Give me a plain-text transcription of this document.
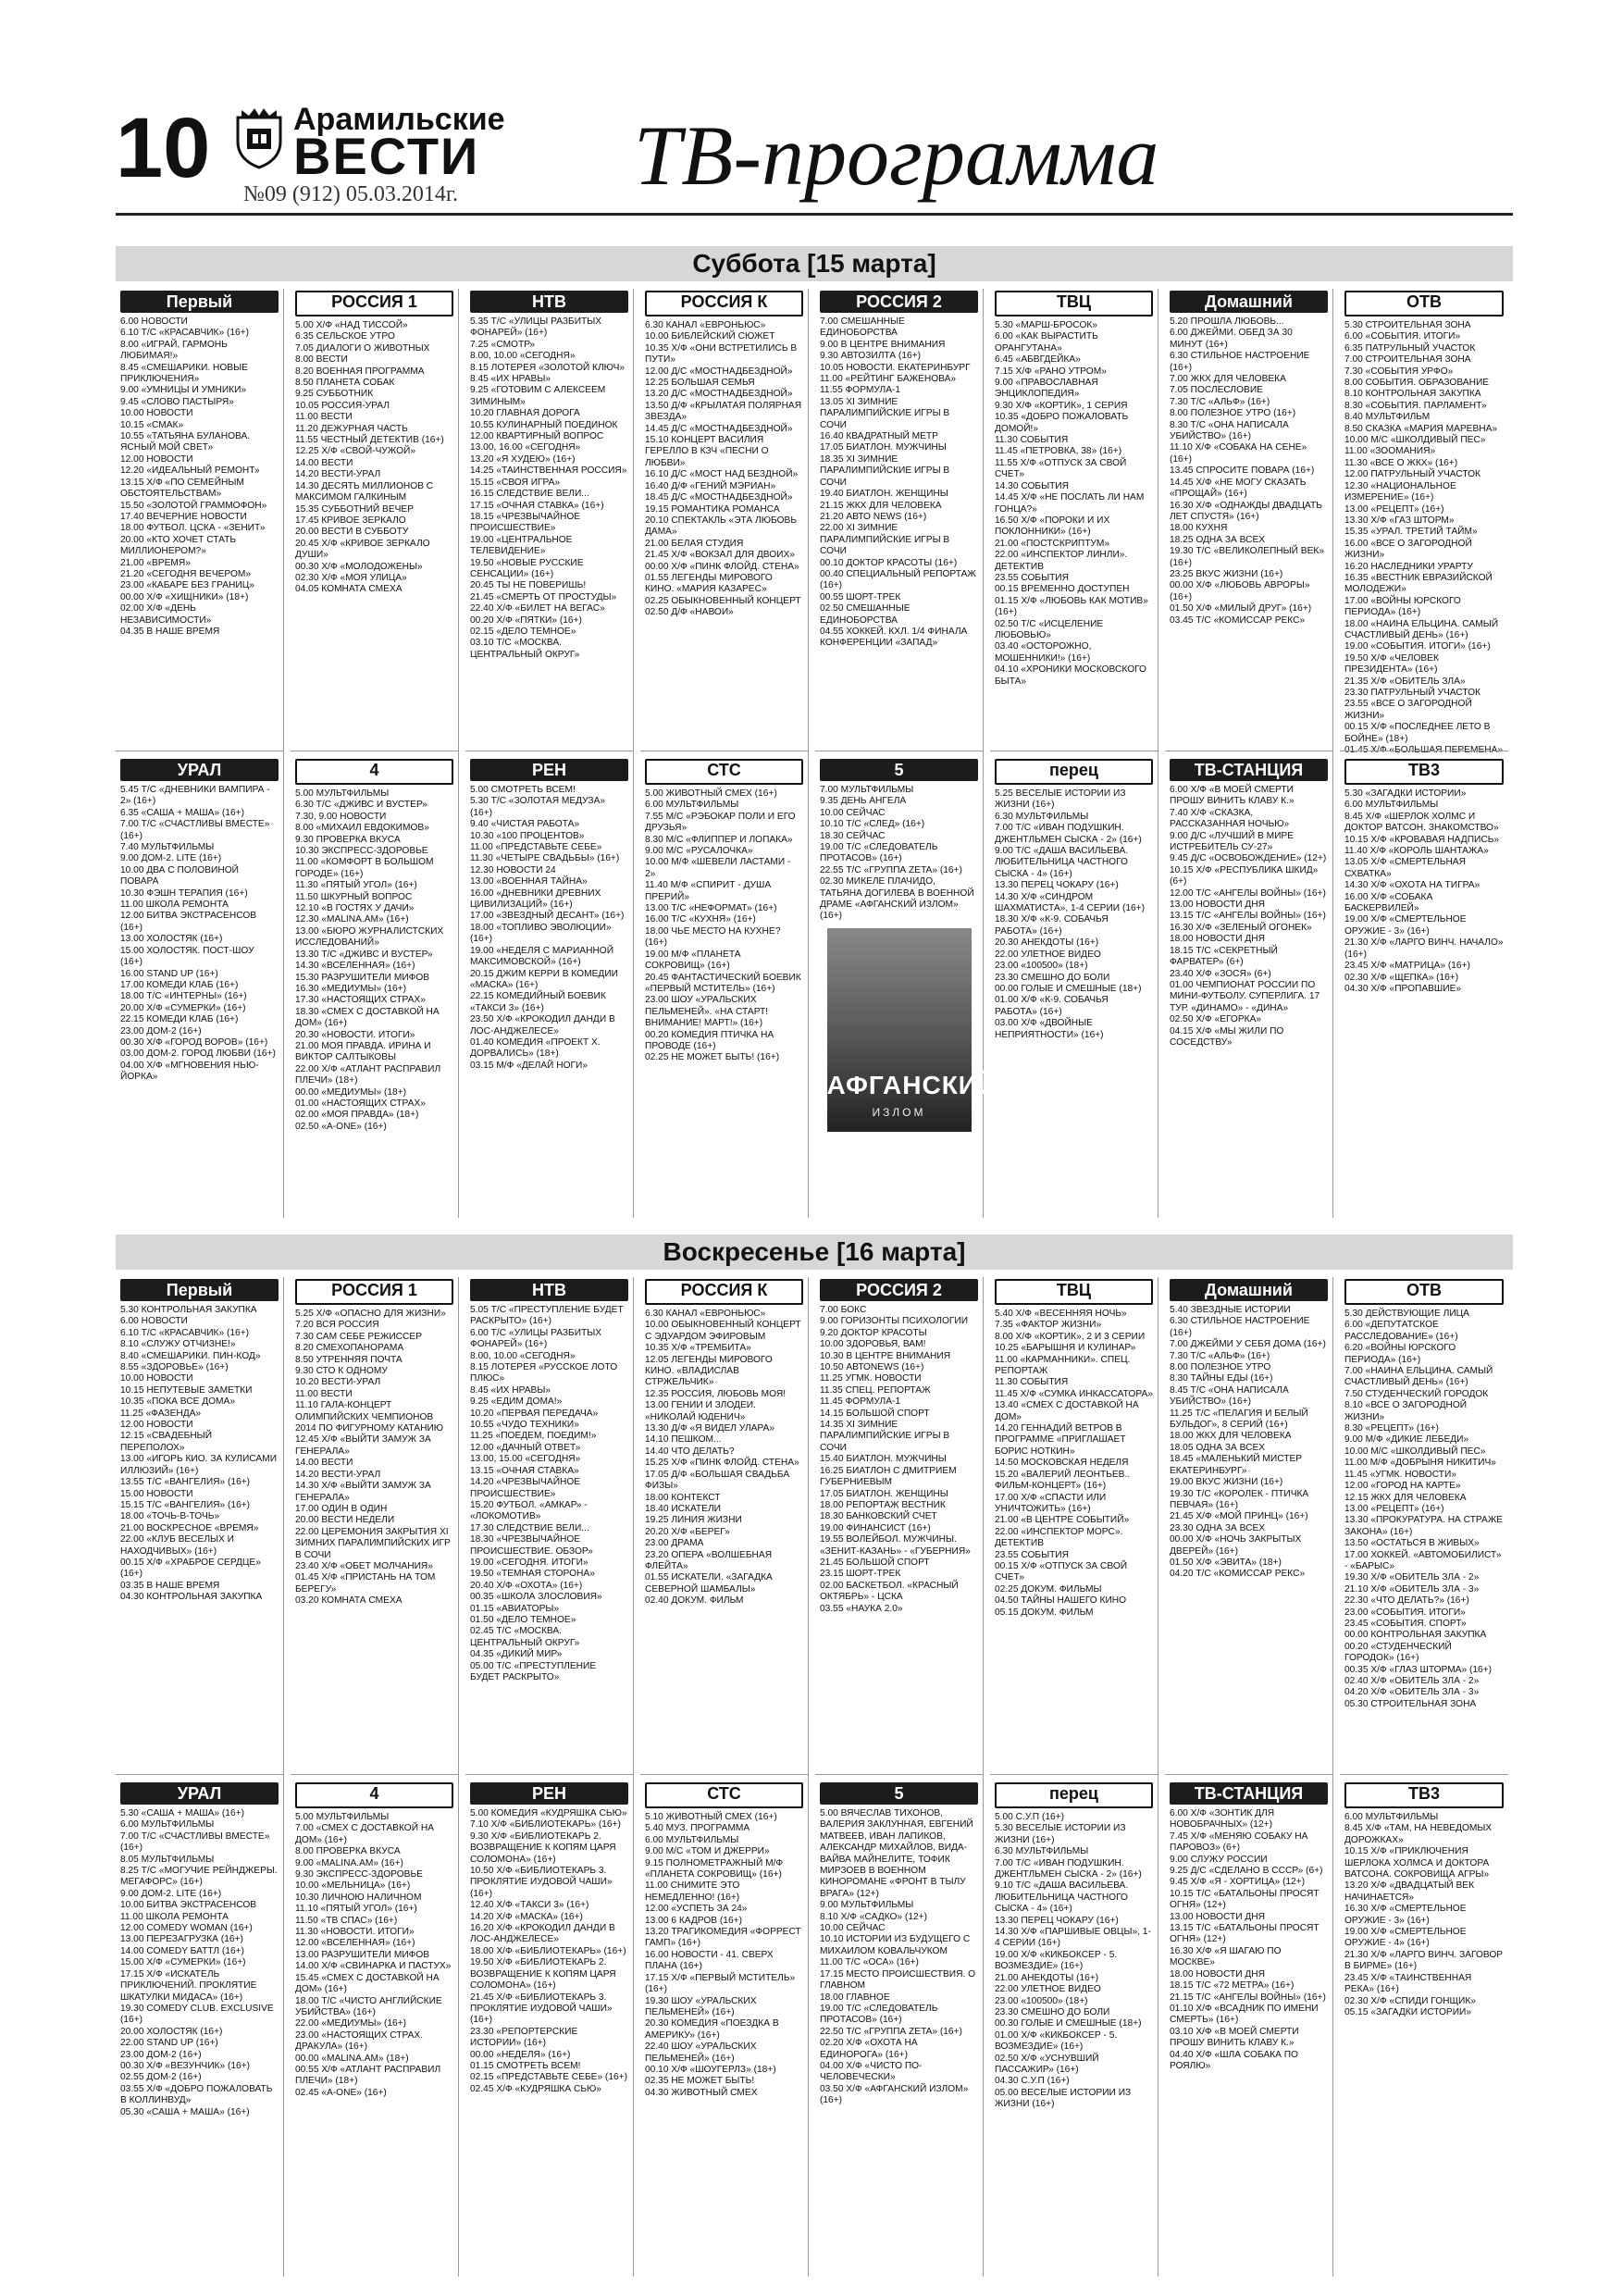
10	Арамильские
ВЕСТИ
№09 (912) 05.03.2014г. ТВ-программа
Суббота [15 марта]
Первый
6.00 НОВОСТИ
6.10 Т/С «КРАСАВЧИК» (16+)
8.00 «ИГРАЙ, ГАРМОНЬ ЛЮБИМАЯ!»
8.45 «СМЕШАРИКИ. НОВЫЕ ПРИКЛЮЧЕНИЯ»
9.00 «УМНИЦЫ И УМНИКИ»
9.45 «СЛОВО ПАСТЫРЯ»
10.00 НОВОСТИ
10.15 «СМАК»
10.55 «ТАТЬЯНА БУЛАНОВА. ЯСНЫЙ МОЙ СВЕТ»
12.00 НОВОСТИ
12.20 «ИДЕАЛЬНЫЙ РЕМОНТ»
13.15 Х/Ф «ПО СЕМЕЙНЫМ ОБСТОЯТЕЛЬСТВАМ»
15.50 «ЗОЛОТОЙ ГРАММОФОН»
17.40 ВЕЧЕРНИЕ НОВОСТИ
18.00 ФУТБОЛ. ЦСКА - «ЗЕНИТ»
20.00 «КТО ХОЧЕТ СТАТЬ МИЛЛИОНЕРОМ?»
21.00 «ВРЕМЯ»
21.20 «СЕГОДНЯ ВЕЧЕРОМ»
23.00 «КАБАРЕ БЕЗ ГРАНИЦ»
00.00 Х/Ф «ХИЩНИКИ» (18+)
02.00 Х/Ф «ДЕНЬ НЕЗАВИСИМОСТИ»
04.35 В НАШЕ ВРЕМЯ
УРАЛ
5.45 Т/С «ДНЕВНИКИ ВАМПИРА - 2» (16+)
6.35 «САША + МАША» (16+)
7.00 Т/С «СЧАСТЛИВЫ ВМЕСТЕ» (16+)
7.40 МУЛЬТФИЛЬМЫ
9.00 ДОМ-2. LITE (16+)
10.00 ДВА С ПОЛОВИНОЙ ПОВАРА
10.30 ФЭШН ТЕРАПИЯ (16+)
11.00 ШКОЛА РЕМОНТА
12.00 БИТВА ЭКСТРАСЕНСОВ (16+)
13.00 ХОЛОСТЯК (16+)
15.00 ХОЛОСТЯК. ПОСТ-ШОУ (16+)
16.00 STAND UP (16+)
17.00 КОМЕДИ КЛАБ (16+)
18.00 Т/С «ИНТЕРНЫ» (16+)
20.00 Х/Ф «СУМЕРКИ» (16+)
22.15 КОМЕДИ КЛАБ (16+)
23.00 ДОМ-2 (16+)
00.30 Х/Ф «ГОРОД ВОРОВ» (16+)
03.00 ДОМ-2. ГОРОД ЛЮБВИ (16+)
04.00 Х/Ф «МГНОВЕНИЯ НЬЮ-ЙОРКА»
РОССИЯ 1
5.00 Х/Ф «НАД ТИССОЙ»
6.35 СЕЛЬСКОЕ УТРО
7.05 ДИАЛОГИ О ЖИВОТНЫХ
8.00 ВЕСТИ
8.20 ВОЕННАЯ ПРОГРАММА
8.50 ПЛАНЕТА СОБАК
9.25 СУББОТНИК
10.05 РОССИЯ-УРАЛ
11.00 ВЕСТИ
11.20 ДЕЖУРНАЯ ЧАСТЬ
11.55 ЧЕСТНЫЙ ДЕТЕКТИВ (16+)
12.25 Х/Ф «СВОЙ-ЧУЖОЙ»
14.00 ВЕСТИ
14.20 ВЕСТИ-УРАЛ
14.30 ДЕСЯТЬ МИЛЛИОНОВ С МАКСИМОМ ГАЛКИНЫМ
15.35 СУББОТНИЙ ВЕЧЕР
17.45 КРИВОЕ ЗЕРКАЛО
20.00 ВЕСТИ В СУББОТУ
20.45 Х/Ф «КРИВОЕ ЗЕРКАЛО ДУШИ»
00.30 Х/Ф «МОЛОДОЖЕНЫ»
02.30 Х/Ф «МОЯ УЛИЦА»
04.05 КОМНАТА СМЕХА
4
5.00 МУЛЬТФИЛЬМЫ
6.30 Т/С «ДЖИВС И ВУСТЕР»
7.30, 9.00 НОВОСТИ
8.00 «МИХАИЛ ЕВДОКИМОВ»
9.30 ПРОВЕРКА ВКУСА
10.30 ЭКСПРЕСС-ЗДОРОВЬЕ
11.00 «КОМФОРТ В БОЛЬШОМ ГОРОДЕ» (16+)
11.30 «ПЯТЫЙ УГОЛ» (16+)
11.50 ШКУРНЫЙ ВОПРОС
12.10 «В ГОСТЯХ У ДАЧИ»
12.30 «MALINA.AM» (16+)
13.00 «БЮРО ЖУРНАЛИСТСКИХ ИССЛЕДОВАНИЙ»
13.30 Т/С «ДЖИВС И ВУСТЕР»
14.30 «ВСЕЛЕННАЯ» (16+)
15.30 РАЗРУШИТЕЛИ МИФОВ
16.30 «МЕДИУМЫ» (16+)
17.30 «НАСТОЯЩИХ СТРАХ»
18.30 «СМЕХ С ДОСТАВКОЙ НА ДОМ» (16+)
20.30 «НОВОСТИ. ИТОГИ»
21.00 МОЯ ПРАВДА. ИРИНА И ВИКТОР САЛТЫКОВЫ
22.00 Х/Ф «АТЛАНТ РАСПРАВИЛ ПЛЕЧИ» (18+)
00.00 «МЕДИУМЫ» (18+)
01.00 «НАСТОЯЩИХ СТРАХ»
02.00 «МОЯ ПРАВДА» (18+)
02.50 «А-ONE» (16+)
НТВ
5.35 Т/С «УЛИЦЫ РАЗБИТЫХ ФОНАРЕЙ» (16+)
7.25 «СМОТР»
8.00, 10.00 «СЕГОДНЯ»
8.15 ЛОТЕРЕЯ «ЗОЛОТОЙ КЛЮЧ»
8.45 «ИХ НРАВЫ»
9.25 «ГОТОВИМ С АЛЕКСЕЕМ ЗИМИНЫМ»
10.20 ГЛАВНАЯ ДОРОГА
10.55 КУЛИНАРНЫЙ ПОЕДИНОК
12.00 КВАРТИРНЫЙ ВОПРОС
13.00, 16.00 «СЕГОДНЯ»
13.20 «Я ХУДЕЮ» (16+)
14.25 «ТАИНСТВЕННАЯ РОССИЯ»
15.15 «СВОЯ ИГРА»
16.15 СЛЕДСТВИЕ ВЕЛИ...
17.15 «ОЧНАЯ СТАВКА» (16+)
18.15 «ЧРЕЗВЫЧАЙНОЕ ПРОИСШЕСТВИЕ»
19.00 «ЦЕНТРАЛЬНОЕ ТЕЛЕВИДЕНИЕ»
19.50 «НОВЫЕ РУССКИЕ СЕНСАЦИИ» (16+)
20.45 ТЫ НЕ ПОВЕРИШЬ!
21.45 «СМЕРТЬ ОТ ПРОСТУДЫ»
22.40 Х/Ф «БИЛЕТ НА ВЕГАС»
00.20 Х/Ф «ПЯТКИ» (16+)
02.15 «ДЕЛО ТЕМНОЕ»
03.10 Т/С «МОСКВА. ЦЕНТРАЛЬНЫЙ ОКРУГ»
РЕН
5.00 СМОТРЕТЬ ВСЕМ!
5.30 Т/С «ЗОЛОТАЯ МЕДУЗА» (16+)
9.40 «ЧИСТАЯ РАБОТА»
10.30 «100 ПРОЦЕНТОВ»
11.00 «ПРЕДСТАВЬТЕ СЕБЕ»
11.30 «ЧЕТЫРЕ СВАДЬБЫ» (16+)
12.30 НОВОСТИ 24
13.00 «ВОЕННАЯ ТАЙНА»
16.00 «ДНЕВНИКИ ДРЕВНИХ ЦИВИЛИЗАЦИЙ» (16+)
17.00 «ЗВЕЗДНЫЙ ДЕСАНТ» (16+)
18.00 «ТОПЛИВО ЭВОЛЮЦИИ» (16+)
19.00 «НЕДЕЛЯ С МАРИАННОЙ МАКСИМОВСКОЙ» (16+)
20.15 ДЖИМ КЕРРИ В КОМЕДИИ «МАСКА» (16+)
22.15 КОМЕДИЙНЫЙ БОЕВИК «ТАКСИ 3» (16+)
23.50 Х/Ф «КРОКОДИЛ ДАНДИ В ЛОС-АНДЖЕЛЕСЕ»
01.40 КОМЕДИЯ «ПРОЕКТ Х. ДОРВАЛИСЬ» (18+)
03.15 М/Ф «ДЕЛАЙ НОГИ»
РОССИЯ К
6.30 КАНАЛ «ЕВРОНЬЮС»
10.00 БИБЛЕЙСКИЙ СЮЖЕТ
10.35 Х/Ф «ОНИ ВСТРЕТИЛИСЬ В ПУТИ»
12.00 Д/С «МОСТНАДБЕЗДНОЙ»
12.25 БОЛЬШАЯ СЕМЬЯ
13.20 Д/С «МОСТНАДБЕЗДНОЙ»
13.50 Д/Ф «КРЫЛАТАЯ ПОЛЯРНАЯ ЗВЕЗДА»
14.45 Д/С «МОСТНАДБЕЗДНОЙ»
15.10 КОНЦЕРТ ВАСИЛИЯ ГЕРЕЛЛО В КЗЧ «ПЕСНИ О ЛЮБВИ»
16.10 Д/С «МОСТ НАД БЕЗДНОЙ»
16.40 Д/Ф «ГЕНИЙ МЭРИАН»
18.45 Д/С «МОСТНАДБЕЗДНОЙ»
19.15 РОМАНТИКА РОМАНСА
20.10 СПЕКТАКЛЬ «ЭТА ЛЮБОВЬ ДАМА»
21.00 БЕЛАЯ СТУДИЯ
21.45 Х/Ф «ВОКЗАЛ ДЛЯ ДВОИХ»
00.00 Х/Ф «ПИНК ФЛОЙД. СТЕНА»
01.55 ЛЕГЕНДЫ МИРОВОГО КИНО. «МАРИЯ КАЗАРЕС»
02.25 ОБЫКНОВЕННЫЙ КОНЦЕРТ
02.50 Д/Ф «НАВОИ»
СТС
5.00 ЖИВОТНЫЙ СМЕХ (16+)
6.00 МУЛЬТФИЛЬМЫ
7.55 М/С «РЭБОКАР ПОЛИ И ЕГО ДРУЗЬЯ»
8.30 М/С «ФЛИППЕР И ЛОПАКА»
9.00 М/С «РУСАЛОЧКА»
10.00 М/Ф «ШЕВЕЛИ ЛАСТАМИ - 2»
11.40 М/Ф «СПИРИТ - ДУША ПРЕРИЙ»
13.00 Т/С «НЕФОРМАТ» (16+)
16.00 Т/С «КУХНЯ» (16+)
18.00 ЧЬЕ МЕСТО НА КУХНЕ? (16+)
19.00 М/Ф «ПЛАНЕТА СОКРОВИЩ» (16+)
20.45 ФАНТАСТИЧЕСКИЙ БОЕВИК «ПЕРВЫЙ МСТИТЕЛЬ» (16+)
23.00 ШОУ «УРАЛЬСКИХ ПЕЛЬМЕНЕЙ». «НА СТАРТ! ВНИМАНИЕ! МАРТ!» (16+)
00.20 КОМЕДИЯ ПТИЧКА НА ПРОВОДЕ (16+)
02.25 НЕ МОЖЕТ БЫТЬ! (16+)
РОССИЯ 2
7.00 СМЕШАННЫЕ ЕДИНОБОРСТВА
9.00 В ЦЕНТРЕ ВНИМАНИЯ
9.30 АВТОЗИЛТА (16+)
10.05 НОВОСТИ. ЕКАТЕРИНБУРГ
11.00 «РЕЙТИНГ БАЖЕНОВА»
11.55 ФОРМУЛА-1
13.05 ХI ЗИМНИЕ ПАРАЛИМПИЙСКИЕ ИГРЫ В СОЧИ
16.40 КВАДРАТНЫЙ МЕТР
17.05 БИАТЛОН. МУЖЧИНЫ
18.35 ХI ЗИМНИЕ ПАРАЛИМПИЙСКИЕ ИГРЫ В СОЧИ
19.40 БИАТЛОН. ЖЕНЩИНЫ
21.15 ЖКХ ДЛЯ ЧЕЛОВЕКА
21.20 АВТО NEWS (16+)
22.00 ХI ЗИМНИЕ ПАРАЛИМПИЙСКИЕ ИГРЫ В СОЧИ
00.10 ДОКТОР КРАСОТЫ (16+)
00.40 СПЕЦИАЛЬНЫЙ РЕПОРТАЖ (16+)
00.55 ШОРТ-ТРЕК
02.50 СМЕШАННЫЕ ЕДИНОБОРСТВА
04.55 ХОККЕЙ. КХЛ. 1/4 ФИНАЛА КОНФЕРЕНЦИИ «ЗАПАД»
5
7.00 МУЛЬТФИЛЬМЫ
9.35 ДЕНЬ АНГЕЛА
10.00 СЕЙЧАС
10.10 Т/С «СЛЕД» (16+)
18.30 СЕЙЧАС
19.00 Т/С «СЛЕДОВАТЕЛЬ ПРОТАСОВ» (16+)
22.55 Т/С «ГРУППА ZETA» (16+)
02.30 МИКЕЛЕ ПЛАЧИДО, ТАТЬЯНА ДОГИЛЕВА В ВОЕННОЙ ДРАМЕ «АФГАНСКИЙ ИЗЛОМ» (16+)
АФГАНСКИЙ
ИЗЛОМ
ТВЦ
5.30 «МАРШ-БРОСОК»
6.00 «КАК ВЫРАСТИТЬ ОРАНГУТАНА»
6.45 «АБВГДЕЙКА»
7.15 Х/Ф «РАНО УТРОМ»
9.00 «ПРАВОСЛАВНАЯ ЭНЦИКЛОПЕДИЯ»
9.30 Х/Ф «КОРТИК», 1 СЕРИЯ
10.35 «ДОБРО ПОЖАЛОВАТЬ ДОМОЙ!»
11.30 СОБЫТИЯ
11.45 «ПЕТРОВКА, 38» (16+)
11.55 Х/Ф «ОТПУСК ЗА СВОЙ СЧЕТ»
14.30 СОБЫТИЯ
14.45 Х/Ф «НЕ ПОСЛАТЬ ЛИ НАМ ГОНЦА?»
16.50 Х/Ф «ПОРОКИ И ИХ ПОКЛОННИКИ» (16+)
21.00 «ПОСТСКРИПТУМ»
22.00 «ИНСПЕКТОР ЛИНЛИ». ДЕТЕКТИВ
23.55 СОБЫТИЯ
00.15 ВРЕМЕННО ДОСТУПЕН
01.15 Х/Ф «ЛЮБОВЬ КАК МОТИВ» (16+)
02.50 Т/С «ИСЦЕЛЕНИЕ ЛЮБОВЬЮ»
03.40 «ОСТОРОЖНО, МОШЕННИКИ!» (16+)
04.10 «ХРОНИКИ МОСКОВСКОГО БЫТА»
перец
5.25 ВЕСЕЛЫЕ ИСТОРИИ ИЗ ЖИЗНИ (16+)
6.30 МУЛЬТФИЛЬМЫ
7.00 Т/С «ИВАН ПОДУШКИН. ДЖЕНТЛЬМЕН СЫСКА - 2» (16+)
9.00 Т/С «ДАША ВАСИЛЬЕВА. ЛЮБИТЕЛЬНИЦА ЧАСТНОГО СЫСКА - 4» (16+)
13.30 ПЕРЕЦ ЧОКАРУ (16+)
14.30 Х/Ф «СИНДРОМ ШАХМАТИСТА», 1-4 СЕРИИ (16+)
18.30 Х/Ф «К-9. СОБАЧЬЯ РАБОТА» (16+)
20.30 АНЕКДОТЫ (16+)
22.00 УЛЕТНОЕ ВИДЕО
23.00 «100500» (18+)
23.30 СМЕШНО ДО БОЛИ
00.00 ГОЛЫЕ И СМЕШНЫЕ (18+)
01.00 Х/Ф «К-9. СОБАЧЬЯ РАБОТА» (16+)
03.00 Х/Ф «ДВОЙНЫЕ НЕПРИЯТНОСТИ» (16+)
Домашний
5.20 ПРОШЛА ЛЮБОВЬ...
6.00 ДЖЕЙМИ. ОБЕД ЗА 30 МИНУТ (16+)
6.30 СТИЛЬНОЕ НАСТРОЕНИЕ (16+)
7.00 ЖКХ ДЛЯ ЧЕЛОВЕКА
7.05 ПОСЛЕСЛОВИЕ
7.30 Т/С «АЛЬФ» (16+)
8.00 ПОЛЕЗНОЕ УТРО (16+)
8.30 Т/С «ОНА НАПИСАЛА УБИЙСТВО» (16+)
11.10 Х/Ф «СОБАКА НА СЕНЕ» (16+)
13.45 СПРОСИТЕ ПОВАРА (16+)
14.45 Х/Ф «НЕ МОГУ СКАЗАТЬ «ПРОЩАЙ» (16+)
16.30 Х/Ф «ОДНАЖДЫ ДВАДЦАТЬ ЛЕТ СПУСТЯ» (16+)
18.00 КУХНЯ
18.25 ОДНА ЗА ВСЕХ
19.30 Т/С «ВЕЛИКОЛЕПНЫЙ ВЕК» (16+)
23.25 ВКУС ЖИЗНИ (16+)
00.00 Х/Ф «ЛЮБОВЬ АВРОРЫ» (16+)
01.50 Х/Ф «МИЛЫЙ ДРУГ» (16+)
03.45 Т/С «КОМИССАР РЕКС»
ТВ-СТАНЦИЯ
6.00 Х/Ф «В МОЕЙ СМЕРТИ ПРОШУ ВИНИТЬ КЛАВУ К.»
7.40 Х/Ф «СКАЗКА, РАССКАЗАННАЯ НОЧЬЮ»
9.00 Д/С «ЛУЧШИЙ В МИРЕ ИСТРЕБИТЕЛЬ СУ-27»
9.45 Д/С «ОСВОБОЖДЕНИЕ» (12+)
10.15 Х/Ф «РЕСПУБЛИКА ШКИД» (6+)
12.00 Т/С «АНГЕЛЫ ВОЙНЫ» (16+)
13.00 НОВОСТИ ДНЯ
13.15 Т/С «АНГЕЛЫ ВОЙНЫ» (16+)
16.30 Х/Ф «ЗЕЛЕНЫЙ ОГОНЕК»
18.00 НОВОСТИ ДНЯ
18.15 Т/С «СЕКРЕТНЫЙ ФАРВАТЕР» (6+)
23.40 Х/Ф «ЗОСЯ» (6+)
01.00 ЧЕМПИОНАТ РОССИИ ПО МИНИ-ФУТБОЛУ. СУПЕРЛИГА. 17 ТУР. «ДИНАМО» - «ДИНА»
02.50 Х/Ф «ЕГОРКА»
04.15 Х/Ф «МЫ ЖИЛИ ПО СОСЕДСТВУ»
ОТВ
5.30 СТРОИТЕЛЬНАЯ ЗОНА
6.00 «СОБЫТИЯ. ИТОГИ»
6.35 ПАТРУЛЬНЫЙ УЧАСТОК
7.00 СТРОИТЕЛЬНАЯ ЗОНА
7.30 «СОБЫТИЯ УРФО»
8.00 СОБЫТИЯ. ОБРАЗОВАНИЕ
8.10 КОНТРОЛЬНАЯ ЗАКУПКА
8.30 «СОБЫТИЯ. ПАРЛАМЕНТ»
8.40 МУЛЬТФИЛЬМ
8.50 СКАЗКА «МАРИЯ МАРЕВНА»
10.00 М/С «ШКОЛДИВЫЙ ПЕС»
11.00 «ЗООМАНИЯ»
11.30 «ВСЕ О ЖКХ» (16+)
12.00 ПАТРУЛЬНЫЙ УЧАСТОК
12.30 «НАЦИОНАЛЬНОЕ ИЗМЕРЕНИЕ» (16+)
13.00 «РЕЦЕПТ» (16+)
13.30 Х/Ф «ГАЗ ШТОРМ»
15.35 «УРАЛ. ТРЕТИЙ ТАЙМ»
16.00 «ВСЕ О ЗАГОРОДНОЙ ЖИЗНИ»
16.20 НАСЛЕДНИКИ УРАРТУ
16.35 «ВЕСТНИК ЕВРАЗИЙСКОЙ МОЛОДЕЖИ»
17.00 «ВОЙНЫ ЮРСКОГО ПЕРИОДА» (16+)
18.00 «НАИНА ЕЛЬЦИНА. САМЫЙ СЧАСТЛИВЫЙ ДЕНЬ» (16+)
19.00 «СОБЫТИЯ. ИТОГИ» (16+)
19.50 Х/Ф «ЧЕЛОВЕК ПРЕЗИДЕНТА» (16+)
21.35 Х/Ф «ОБИТЕЛЬ ЗЛА»
23.30 ПАТРУЛЬНЫЙ УЧАСТОК
23.55 «ВСЕ О ЗАГОРОДНОЙ ЖИЗНИ»
00.15 Х/Ф «ПОСЛЕДНЕЕ ЛЕТО В БОЙНЕ» (18+)
ТВ3
5.30 «ЗАГАДКИ ИСТОРИИ»
6.00 МУЛЬТФИЛЬМЫ
8.45 Х/Ф «ШЕРЛОК ХОЛМС И ДОКТОР ВАТСОН. ЗНАКОМСТВО»
10.15 Х/Ф «КРОВАВАЯ НАДПИСЬ»
11.40 Х/Ф «КОРОЛЬ ШАНТАЖА»
13.05 Х/Ф «СМЕРТЕЛЬНАЯ СХВАТКА»
14.30 Х/Ф «ОХОТА НА ТИГРА»
16.00 Х/Ф «СОБАКА БАСКЕРВИЛЕЙ»
19.00 Х/Ф «СМЕРТЕЛЬНОЕ ОРУЖИЕ - 3» (16+)
21.30 Х/Ф «ЛАРГО ВИНЧ. НАЧАЛО» (16+)
23.45 Х/Ф «МАТРИЦА» (16+)
02.30 Х/Ф «ЩЕПКА» (16+)
04.30 Х/Ф «ПРОПАВШИЕ»
Воскресенье [16 марта]
Первый
5.30 КОНТРОЛЬНАЯ ЗАКУПКА
6.00 НОВОСТИ
6.10 Т/С «КРАСАВЧИК» (16+)
8.10 «СЛУЖУ ОТЧИЗНЕ!»
8.40 «СМЕШАРИКИ. ПИН-КОД»
8.55 «ЗДОРОВЬЕ» (16+)
10.00 НОВОСТИ
10.15 НЕПУТЕВЫЕ ЗАМЕТКИ
10.35 «ПОКА ВСЕ ДОМА»
11.25 «ФАЗЕНДА»
12.00 НОВОСТИ
12.15 «СВАДЕБНЫЙ ПЕРЕПОЛОХ»
13.00 «ИГОРЬ КИО. ЗА КУЛИСАМИ ИЛЛЮЗИЙ» (16+)
13.55 Т/С «ВАНГЕЛИЯ» (16+)
15.00 НОВОСТИ
15.15 Т/С «ВАНГЕЛИЯ» (16+)
18.00 «ТОЧЬ-В-ТОЧЬ»
21.00 ВОСКРЕСНОЕ «ВРЕМЯ»
22.00 «КЛУБ ВЕСЕЛЫХ И НАХОДЧИВЫХ» (16+)
00.15 Х/Ф «ХРАБРОЕ СЕРДЦЕ» (16+)
03.35 В НАШЕ ВРЕМЯ
04.30 КОНТРОЛЬНАЯ ЗАКУПКА
УРАЛ
5.30 «САША + МАША» (16+)
6.00 МУЛЬТФИЛЬМЫ
7.00 Т/С «СЧАСТЛИВЫ ВМЕСТЕ» (16+)
8.05 МУЛЬТФИЛЬМЫ
8.25 Т/С «МОГУЧИЕ РЕЙНДЖЕРЫ. МЕГАФОРС» (16+)
9.00 ДОМ-2. LITE (16+)
10.00 БИТВА ЭКСТРАСЕНСОВ
11.00 ШКОЛА РЕМОНТА
12.00 COMEDY WOMAN (16+)
13.00 ПЕРЕЗАГРУЗКА (16+)
14.00 COMEDY БАТТЛ (16+)
15.00 Х/Ф «СУМЕРКИ» (16+)
17.15 Х/Ф «ИСКАТЕЛЬ ПРИКЛЮЧЕНИЙ. ПРОКЛЯТИЕ ШКАТУЛКИ МИДАСА» (16+)
19.30 COMEDY CLUB. EXCLUSIVE (16+)
20.00 ХОЛОСТЯК (16+)
22.00 STAND UP (16+)
23.00 ДОМ-2 (16+)
00.30 Х/Ф «ВЕЗУНЧИК» (16+)
02.55 ДОМ-2 (16+)
03.55 Х/Ф «ДОБРО ПОЖАЛОВАТЬ В КОЛЛИНВУД»
05.30 «САША + МАША» (16+)
РОССИЯ 1
5.25 Х/Ф «ОПАСНО ДЛЯ ЖИЗНИ»
7.20 ВСЯ РОССИЯ
7.30 САМ СЕБЕ РЕЖИССЕР
8.20 СМЕХОПАНОРАМА
8.50 УТРЕННЯЯ ПОЧТА
9.30 СТО К ОДНОМУ
10.20 ВЕСТИ-УРАЛ
11.00 ВЕСТИ
11.10 ГАЛА-КОНЦЕРТ ОЛИМПИЙСКИХ ЧЕМПИОНОВ 2014 ПО ФИГУРНОМУ КАТАНИЮ
12.45 Х/Ф «ВЫЙТИ ЗАМУЖ ЗА ГЕНЕРАЛА»
14.00 ВЕСТИ
14.20 ВЕСТИ-УРАЛ
14.30 Х/Ф «ВЫЙТИ ЗАМУЖ ЗА ГЕНЕРАЛА»
17.00 ОДИН В ОДИН
20.00 ВЕСТИ НЕДЕЛИ
22.00 ЦЕРЕМОНИЯ ЗАКРЫТИЯ ХI ЗИМНИХ ПАРАЛИМПИЙСКИХ ИГР В СОЧИ
23.40 Х/Ф «ОБЕТ МОЛЧАНИЯ»
01.45 Х/Ф «ПРИСТАНЬ НА ТОМ БЕРЕГУ»
03.20 КОМНАТА СМЕХА
4
5.00 МУЛЬТФИЛЬМЫ
7.00 «СМЕХ С ДОСТАВКОЙ НА ДОМ» (16+)
8.00 ПРОВЕРКА ВКУСА
9.00 «MALINA.AM» (16+)
9.30 ЭКСПРЕСС-ЗДОРОВЬЕ
10.00 «МЕЛЬНИЦА» (16+)
10.30 ЛИЧНОЮ НАЛИЧНОМ
11.10 «ПЯТЫЙ УГОЛ» (16+)
11.50 «ТВ СПАС» (16+)
11.30 «НОВОСТИ. ИТОГИ»
12.00 «ВСЕЛЕННАЯ» (16+)
13.00 РАЗРУШИТЕЛИ МИФОВ
14.00 Х/Ф «СВИНАРКА И ПАСТУХ»
15.45 «СМЕХ С ДОСТАВКОЙ НА ДОМ» (16+)
18.00 Т/С «ЧИСТО АНГЛИЙСКИЕ УБИЙСТВА» (16+)
22.00 «МЕДИУМЫ» (16+)
23.00 «НАСТОЯЩИХ СТРАХ. ДРАКУЛА» (16+)
00.00 «MALINA.AM» (18+)
00.55 Х/Ф «АТЛАНТ РАСПРАВИЛ ПЛЕЧИ» (18+)
02.45 «А-ONE» (16+)
НТВ
5.05 Т/С «ПРЕСТУПЛЕНИЕ БУДЕТ РАСКРЫТО» (16+)
6.00 Т/С «УЛИЦЫ РАЗБИТЫХ ФОНАРЕЙ» (16+)
8.00, 10.00 «СЕГОДНЯ»
8.15 ЛОТЕРЕЯ «РУССКОЕ ЛОТО ПЛЮС»
8.45 «ИХ НРАВЫ»
9.25 «ЕДИМ ДОМА!»
10.20 «ПЕРВАЯ ПЕРЕДАЧА»
10.55 «ЧУДО ТЕХНИКИ»
11.25 «ПОЕДЕМ, ПОЕДИМ!»
12.00 «ДАЧНЫЙ ОТВЕТ»
13.00, 15.00 «СЕГОДНЯ»
13.15 «ОЧНАЯ СТАВКА»
14.20 «ЧРЕЗВЫЧАЙНОЕ ПРОИСШЕСТВИЕ»
15.20 ФУТБОЛ. «АМКАР» - «ЛОКОМОТИВ»
17.30 СЛЕДСТВИЕ ВЕЛИ...
18.30 «ЧРЕЗВЫЧАЙНОЕ ПРОИСШЕСТВИЕ. ОБЗОР»
19.00 «СЕГОДНЯ. ИТОГИ»
19.50 «ТЕМНАЯ СТОРОНА»
20.40 Х/Ф «ОХОТА» (16+)
00.35 «ШКОЛА ЗЛОСЛОВИЯ»
01.15 «АВИАТОРЫ»
01.50 «ДЕЛО ТЕМНОЕ»
02.45 Т/С «МОСКВА. ЦЕНТРАЛЬНЫЙ ОКРУГ»
04.35 «ДИКИЙ МИР»
05.00 Т/С «ПРЕСТУПЛЕНИЕ БУДЕТ РАСКРЫТО»
РЕН
5.00 КОМЕДИЯ «КУДРЯШКА СЬЮ»
7.10 Х/Ф «БИБЛИОТЕКАРЬ» (16+)
9.30 Х/Ф «БИБЛИОТЕКАРЬ 2. ВОЗВРАЩЕНИЕ К КОПЯМ ЦАРЯ СОЛОМОНА» (16+)
10.50 Х/Ф «БИБЛИОТЕКАРЬ 3. ПРОКЛЯТИЕ ИУДОВОЙ ЧАШИ» (16+)
12.40 Х/Ф «ТАКСИ 3» (16+)
14.20 Х/Ф «МАСКА» (16+)
16.20 Х/Ф «КРОКОДИЛ ДАНДИ В ЛОС-АНДЖЕЛЕСЕ»
18.00 Х/Ф «БИБЛИОТЕКАРЬ» (16+)
19.50 Х/Ф «БИБЛИОТЕКАРЬ 2. ВОЗВРАЩЕНИЕ К КОПЯМ ЦАРЯ СОЛОМОНА» (16+)
21.45 Х/Ф «БИБЛИОТЕКАРЬ 3. ПРОКЛЯТИЕ ИУДОВОЙ ЧАШИ» (16+)
23.30 «РЕПОРТЕРСКИЕ ИСТОРИИ» (16+)
00.00 «НЕДЕЛЯ» (16+)
01.15 СМОТРЕТЬ ВСЕМ!
02.15 «ПРЕДСТАВЬТЕ СЕБЕ» (16+)
02.45 Х/Ф «КУДРЯШКА СЬЮ»
РОССИЯ К
6.30 КАНАЛ «ЕВРОНЬЮС»
10.00 ОБЫКНОВЕННЫЙ КОНЦЕРТ С ЭДУАРДОМ ЭФИРОВЫМ
10.35 Х/Ф «ТРЕМБИТА»
12.05 ЛЕГЕНДЫ МИРОВОГО КИНО. «ВЛАДИСЛАВ СТРЖЕЛЬЧИК»
12.35 РОССИЯ, ЛЮБОВЬ МОЯ!
13.00 ГЕНИИ И ЗЛОДЕИ. «НИКОЛАЙ ЮДЕНИЧ»
13.30 Д/Ф «Я ВИДЕЛ УЛАРА»
14.10 ПЕШКОМ...
14.40 ЧТО ДЕЛАТЬ?
15.25 Х/Ф «ПИНК ФЛОЙД. СТЕНА»
17.05 Д/Ф «БОЛЬШАЯ СВАДЬБА ФИЗЫ»
18.00 КОНТЕКСТ
18.40 ИСКАТЕЛИ
19.25 ЛИНИЯ ЖИЗНИ
20.20 Х/Ф «БЕРЕГ»
23.00 ДРАМА
23.20 ОПЕРА «ВОЛШЕБНАЯ ФЛЕЙТА»
01.55 ИСКАТЕЛИ. «ЗАГАДКА СЕВЕРНОЙ ШАМБАЛЫ»
02.40 ДОКУМ. ФИЛЬМ
СТС
5.10 ЖИВОТНЫЙ СМЕХ (16+)
5.40 МУЗ. ПРОГРАММА
6.00 МУЛЬТФИЛЬМЫ
9.00 М/С «ТОМ И ДЖЕРРИ»
9.15 ПОЛНОМЕТРАЖНЫЙ М/Ф «ПЛАНЕТА СОКРОВИЩ» (16+)
11.00 СНИМИТЕ ЭТО НЕМЕДЛЕННО! (16+)
12.00 «УСПЕТЬ ЗА 24»
13.00 6 КАДРОВ (16+)
13.20 ТРАГИКОМЕДИЯ «ФОРРЕСТ ГАМП» (16+)
16.00 НОВОСТИ - 41. СВЕРХ ПЛАНА (16+)
17.15 Х/Ф «ПЕРВЫЙ МСТИТЕЛЬ» (16+)
19.30 ШОУ «УРАЛЬСКИХ ПЕЛЬМЕНЕЙ» (16+)
20.30 КОМЕДИЯ «ПОЕЗДКА В АМЕРИКУ» (16+)
22.40 ШОУ «УРАЛЬСКИХ ПЕЛЬМЕНЕЙ» (16+)
00.10 Х/Ф «ШОУГЕРЛЗ» (18+)
02.35 НЕ МОЖЕТ БЫТЬ!
04.30 ЖИВОТНЫЙ СМЕХ
РОССИЯ 2
7.00 БОКС
9.00 ГОРИЗОНТЫ ПСИХОЛОГИИ
9.20 ДОКТОР КРАСОТЫ
10.00 ЗДОРОВЬЯ, ВАМ!
10.30 В ЦЕНТРЕ ВНИМАНИЯ
10.50 АВТОNEWS (16+)
11.25 УГМК. НОВОСТИ
11.35 СПЕЦ. РЕПОРТАЖ
11.45 ФОРМУЛА-1
14.15 БОЛЬШОЙ СПОРТ
14.35 ХI ЗИМНИЕ ПАРАЛИМПИЙСКИЕ ИГРЫ В СОЧИ
15.40 БИАТЛОН. МУЖЧИНЫ
16.25 БИАТЛОН С ДМИТРИЕМ ГУБЕРНИЕВЫМ
17.05 БИАТЛОН. ЖЕНЩИНЫ
18.00 РЕПОРТАЖ ВЕСТНИК
18.30 БАНКОВСКИЙ СЧЕТ
19.00 ФИНАНСИСТ (16+)
19.55 ВОЛЕЙБОЛ. МУЖЧИНЫ. «ЗЕНИТ-КАЗАНЬ» - «ГУБЕРНИЯ»
21.45 БОЛЬШОЙ СПОРТ
23.15 ШОРТ-ТРЕК
02.00 БАСКЕТБОЛ. «КРАСНЫЙ ОКТЯБРЬ» - ЦСКА
03.55 «НАУКА 2.0»
5
5.00 ВЯЧЕСЛАВ ТИХОНОВ, ВАЛЕРИЯ ЗАКЛУННАЯ, ЕВГЕНИЙ МАТВЕЕВ, ИВАН ЛАПИКОВ, АЛЕКСАНДР МИХАЙЛОВ, ВИДА-ВАЙВА МАЙНЕЛИТЕ, ТОФИК МИРЗОЕВ В ВОЕННОМ КИНОРОМАНЕ «ФРОНТ В ТЫЛУ ВРАГА» (12+)
9.00 МУЛЬТФИЛЬМЫ
8.10 Х/Ф «САДКО» (12+)
10.00 СЕЙЧАС
10.10 ИСТОРИИ ИЗ БУДУЩЕГО С МИХАИЛОМ КОВАЛЬЧУКОМ
11.00 Т/С «ОСА» (16+)
17.15 МЕСТО ПРОИСШЕСТВИЯ. О ГЛАВНОМ
18.00 ГЛАВНОЕ
19.00 Т/С «СЛЕДОВАТЕЛЬ ПРОТАСОВ» (16+)
22.50 Т/С «ГРУППА ZETA» (16+)
02.20 Х/Ф «ОХОТА НА ЕДИНОРОГА» (16+)
04.00 Х/Ф «ЧИСТО ПО-ЧЕЛОВЕЧЕСКИ»
03.50 Х/Ф «АФГАНСКИЙ ИЗЛОМ» (16+)
ТВЦ
5.40 Х/Ф «ВЕСЕННЯЯ НОЧЬ»
7.35 «ФАКТОР ЖИЗНИ»
8.00 Х/Ф «КОРТИК», 2 И 3 СЕРИИ
10.25 «БАРЫШНЯ И КУЛИНАР»
11.00 «КАРМАННИКИ». СПЕЦ. РЕПОРТАЖ
11.30 СОБЫТИЯ
11.45 Х/Ф «СУМКА ИНКАССАТОРА»
13.40 «СМЕХ С ДОСТАВКОЙ НА ДОМ»
14.20 ГЕННАДИЙ ВЕТРОВ В ПРОГРАММЕ «ПРИГЛАШАЕТ БОРИС НОТКИН»
14.50 МОСКОВСКАЯ НЕДЕЛЯ
15.20 «ВАЛЕРИЙ ЛЕОНТЬЕВ.. ФИЛЬМ-КОНЦЕРТ» (16+)
17.00 Х/Ф «СПАСТИ ИЛИ УНИЧТОЖИТЬ» (16+)
21.00 «В ЦЕНТРЕ СОБЫТИЙ»
22.00 «ИНСПЕКТОР МОРС». ДЕТЕКТИВ
23.55 СОБЫТИЯ
00.15 Х/Ф «ОТПУСК ЗА СВОЙ СЧЕТ»
02.25 ДОКУМ. ФИЛЬМЫ
04.50 ТАЙНЫ НАШЕГО КИНО
05.15 ДОКУМ. ФИЛЬМ
перец
5.00 С.У.П (16+)
5.30 ВЕСЕЛЫЕ ИСТОРИИ ИЗ ЖИЗНИ (16+)
6.30 МУЛЬТФИЛЬМЫ
7.00 Т/С «ИВАН ПОДУШКИН. ДЖЕНТЛЬМЕН СЫСКА - 2» (16+)
9.10 Т/С «ДАША ВАСИЛЬЕВА. ЛЮБИТЕЛЬНИЦА ЧАСТНОГО СЫСКА - 4» (16+)
13.30 ПЕРЕЦ ЧОКАРУ (16+)
14.30 Х/Ф «ПАРШИВЫЕ ОВЦЫ», 1-4 СЕРИИ (16+)
19.00 Х/Ф «КИКБОКСЕР - 5. ВОЗМЕЗДИЕ» (16+)
21.00 АНЕКДОТЫ (16+)
22.00 УЛЕТНОЕ ВИДЕО
23.00 «100500» (18+)
23.30 СМЕШНО ДО БОЛИ
00.30 ГОЛЫЕ И СМЕШНЫЕ (18+)
01.00 Х/Ф «КИКБОКСЕР - 5. ВОЗМЕЗДИЕ» (16+)
02.50 Х/Ф «УСНУВШИЙ ПАССАЖИР» (16+)
04.30 С.У.П (16+)
05.00 ВЕСЕЛЫЕ ИСТОРИИ ИЗ ЖИЗНИ (16+)
Домашний
5.40 ЗВЕЗДНЫЕ ИСТОРИИ
6.30 СТИЛЬНОЕ НАСТРОЕНИЕ (16+)
7.00 ДЖЕЙМИ У СЕБЯ ДОМА (16+)
7.30 Т/С «АЛЬФ» (16+)
8.00 ПОЛЕЗНОЕ УТРО
8.30 ТАЙНЫ ЕДЫ (16+)
8.45 Т/С «ОНА НАПИСАЛА УБИЙСТВО» (16+)
11.25 Т/С «ПЕЛАГИЯ И БЕЛЫЙ БУЛЬДОГ», 8 СЕРИЙ (16+)
18.00 ЖКХ ДЛЯ ЧЕЛОВЕКА
18.05 ОДНА ЗА ВСЕХ
18.45 «МАЛЕНЬКИЙ МИСТЕР ЕКАТЕРИНБУРГ»
19.00 ВКУС ЖИЗНИ (16+)
19.30 Т/С «КОРОЛЕК - ПТИЧКА ПЕВЧАЯ» (16+)
21.45 Х/Ф «МОЙ ПРИНЦ» (16+)
23.30 ОДНА ЗА ВСЕХ
00.00 Х/Ф «НОЧЬ ЗАКРЫТЫХ ДВЕРЕЙ» (16+)
01.50 Х/Ф «ЭВИТА» (18+)
04.20 Т/С «КОМИССАР РЕКС»
ТВ-СТАНЦИЯ
6.00 Х/Ф «ЗОНТИК ДЛЯ НОВОБРАЧНЫХ» (12+)
7.45 Х/Ф «МЕНЯЮ СОБАКУ НА ПАРОВОЗ» (6+)
9.00 СЛУЖУ РОССИИ
9.25 Д/С «СДЕЛАНО В СССР» (6+)
9.45 Х/Ф «Я - ХОРТИЦА» (12+)
10.15 Т/С «БАТАЛЬОНЫ ПРОСЯТ ОГНЯ» (12+)
13.00 НОВОСТИ ДНЯ
13.15 Т/С «БАТАЛЬОНЫ ПРОСЯТ ОГНЯ» (12+)
16.30 Х/Ф «Я ШАГАЮ ПО МОСКВЕ»
18.00 НОВОСТИ ДНЯ
18.15 Т/С «72 МЕТРА» (16+)
21.15 Т/С «АНГЕЛЫ ВОЙНЫ» (16+)
01.10 Х/Ф «ВСАДНИК ПО ИМЕНИ СМЕРТЬ» (16+)
03.10 Х/Ф «В МОЕЙ СМЕРТИ ПРОШУ ВИНИТЬ КЛАВУ К.»
04.40 Х/Ф «ШЛА СОБАКА ПО РОЯЛЮ»
ОТВ
5.30 ДЕЙСТВУЮЩИЕ ЛИЦА
6.00 «ДЕПУТАТСКОЕ РАССЛЕДОВАНИЕ» (16+)
6.20 «ВОЙНЫ ЮРСКОГО ПЕРИОДА» (16+)
7.00 «НАИНА ЕЛЬЦИНА. САМЫЙ СЧАСТЛИВЫЙ ДЕНЬ» (16+)
7.50 СТУДЕНЧЕСКИЙ ГОРОДОК
8.10 «ВСЕ О ЗАГОРОДНОЙ ЖИЗНИ»
8.30 «РЕЦЕПТ» (16+)
9.00 М/Ф «ДИКИЕ ЛЕБЕДИ»
10.00 М/С «ШКОЛДИВЫЙ ПЕС»
11.00 М/Ф «ДОБРЫНЯ НИКИТИЧ»
11.45 «УГМК. НОВОСТИ»
12.00 «ГОРОД НА КАРТЕ»
12.15 ЖКХ ДЛЯ ЧЕЛОВЕКА
13.00 «РЕЦЕПТ» (16+)
13.30 «ПРОКУРАТУРА. НА СТРАЖЕ ЗАКОНА» (16+)
13.50 «ОСТАТЬСЯ В ЖИВЫХ»
17.00 ХОККЕЙ. «АВТОМОБИЛИСТ» - «БАРЫС»
19.30 Х/Ф «ОБИТЕЛЬ ЗЛА - 2»
21.10 Х/Ф «ОБИТЕЛЬ ЗЛА - 3»
22.30 «ЧТО ДЕЛАТЬ?» (16+)
23.00 «СОБЫТИЯ. ИТОГИ»
23.45 «СОБЫТИЯ. СПОРТ»
00.00 КОНТРОЛЬНАЯ ЗАКУПКА
00.20 «СТУДЕНЧЕСКИЙ ГОРОДОК» (16+)
00.35 Х/Ф «ГЛАЗ ШТОРМА» (16+)
02.40 Х/Ф «ОБИТЕЛЬ ЗЛА - 2»
04.20 Х/Ф «ОБИТЕЛЬ ЗЛА - 3»
05.30 СТРОИТЕЛЬНАЯ ЗОНА
ТВ3
6.00 МУЛЬТФИЛЬМЫ
8.45 Х/Ф «ТАМ, НА НЕВЕДОМЫХ ДОРОЖКАХ»
10.15 Х/Ф «ПРИКЛЮЧЕНИЯ ШЕРЛОКА ХОЛМСА И ДОКТОРА ВАТСОНА. СОКРОВИЩА АГРЫ»
13.20 Х/Ф «ДВАДЦАТЫЙ ВЕК НАЧИНАЕТСЯ»
16.30 Х/Ф «СМЕРТЕЛЬНОЕ ОРУЖИЕ - 3» (16+)
19.00 Х/Ф «СМЕРТЕЛЬНОЕ ОРУЖИЕ - 4» (16+)
21.30 Х/Ф «ЛАРГО ВИНЧ. ЗАГОВОР В БИРМЕ» (16+)
23.45 Х/Ф «ТАИНСТВЕННАЯ РЕКА» (16+)
02.30 Х/Ф «СПИДИ ГОНЩИК»
05.15 «ЗАГАДКИ ИСТОРИИ»
